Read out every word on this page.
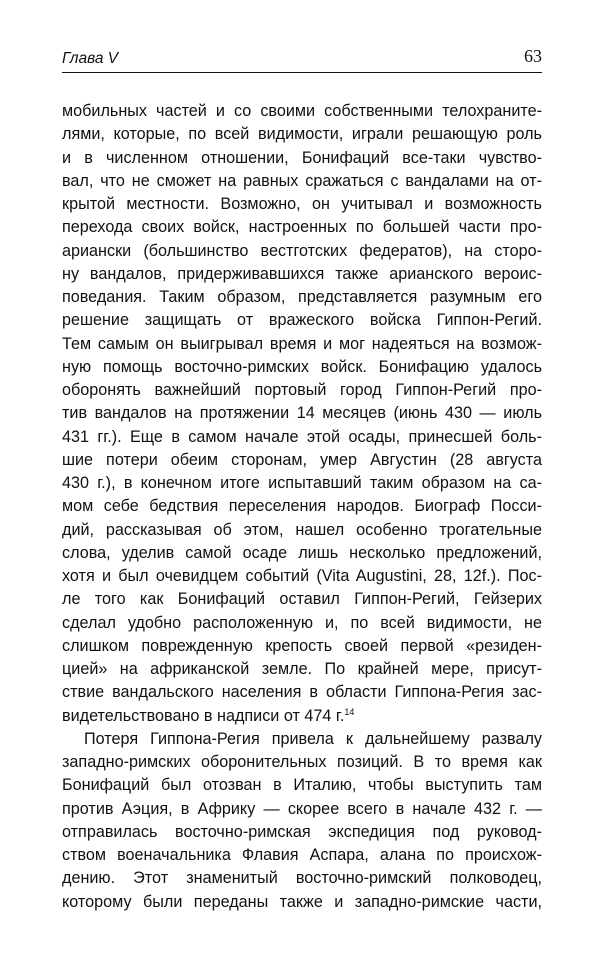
Глава V	63
мобильных частей и со своими собственными телохраните-
лями, которые, по всей видимости, играли решающую роль
и в численном отношении, Бонифаций все-таки чувство-
вал, что не сможет на равных сражаться с вандалами на от-
крытой местности. Возможно, он учитывал и возможность
перехода своих войск, настроенных по большей части про-
ариански (большинство вестготских федератов), на сторо-
ну вандалов, придерживавшихся также арианского вероис-
поведания. Таким образом, представляется разумным его
решение защищать от вражеского войска Гиппон-Регий.
Тем самым он выигрывал время и мог надеяться на возмож-
ную помощь восточно-римских войск. Бонифацию удалось
оборонять важнейший портовый город Гиппон-Регий про-
тив вандалов на протяжении 14 месяцев (июнь 430 — июль
431 гг.). Еще в самом начале этой осады, принесшей боль-
шие потери обеим сторонам, умер Августин (28 августа
430 г.), в конечном итоге испытавший таким образом на са-
мом себе бедствия переселения народов. Биограф Посси-
дий, рассказывая об этом, нашел особенно трогательные
слова, уделив самой осаде лишь несколько предложений,
хотя и был очевидцем событий (Vita Augustini, 28, 12f.). Пос-
ле того как Бонифаций оставил Гиппон-Регий, Гейзерих
сделал удобно расположенную и, по всей видимости, не
слишком поврежденную крепость своей первой «резиден-
цией» на африканской земле. По крайней мере, присут-
ствие вандальского населения в области Гиппона-Регия зас-
видетельствовано в надписи от 474 г.$^{14}$
Потеря Гиппона-Регия привела к дальнейшему развалу
западно-римских оборонительных позиций. В то время как
Бонифаций был отозван в Италию, чтобы выступить там
против Аэция, в Африку — скорее всего в начале 432 г. —
отправилась восточно-римская экспедиция под руковод-
ством военачальника Флавия Аспара, алана по происхож-
дению. Этот знаменитый восточно-римский полководец,
которому были переданы также и западно-римские части,
